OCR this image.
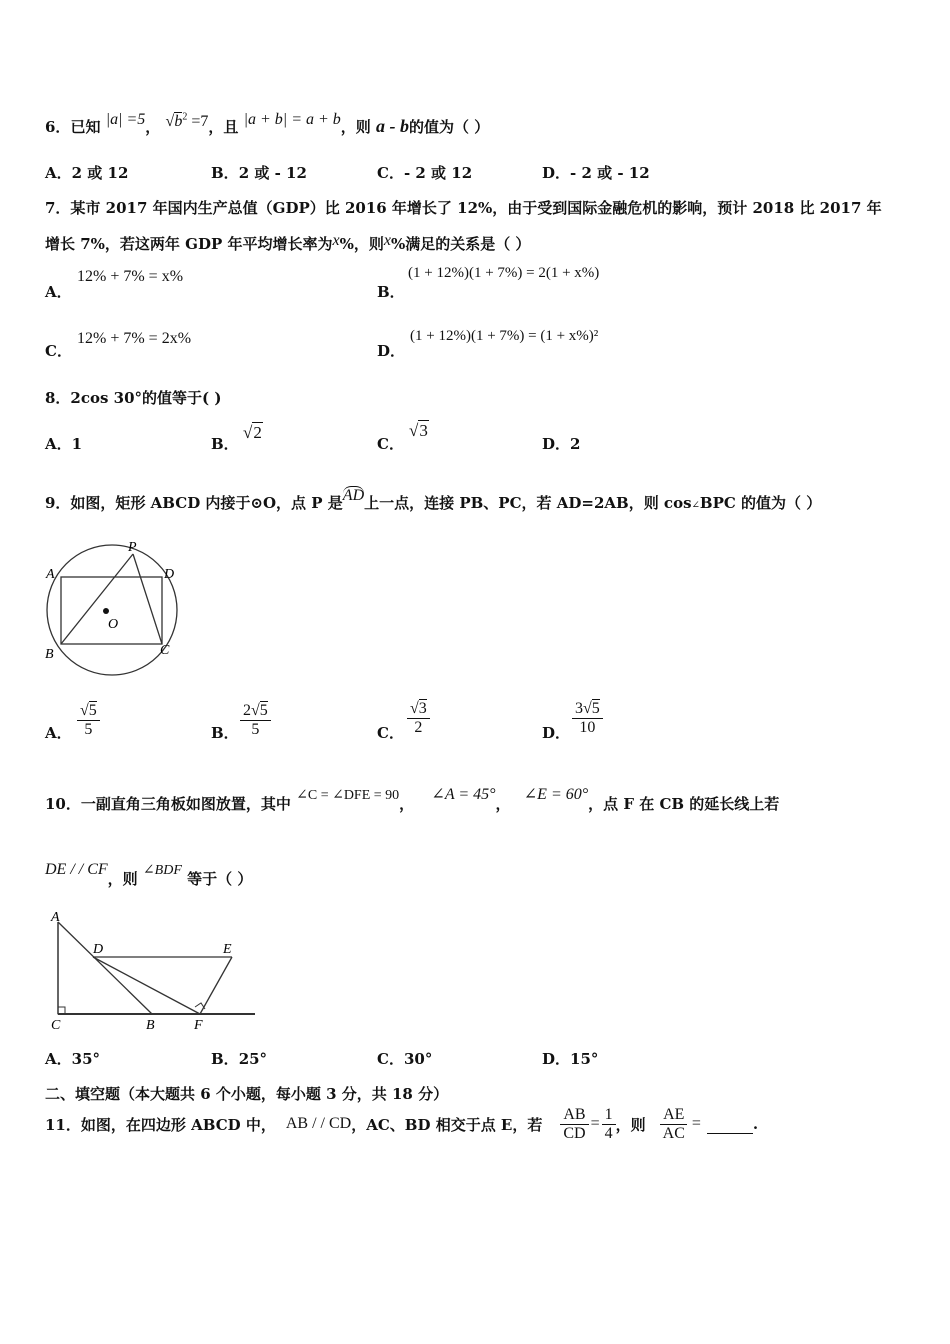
6．已知 |a| =5， $√b^2 =7$，且 |a + b| = a + b，则 a - b的值为（ ）
A．2 或 12	B．2 或 - 12	C．- 2 或 12	D．- 2 或 - 12
7．某市 2017 年国内生产总值（GDP）比 2016 年增长了 12%，由于受到国际金融危机的影响，预计 2018 比 2017 年
增长 7%，若这两年 GDP 年平均增长率为x%，则x%满足的关系是（ ）
A．
12% + 7% = x%
B．
(1 + 12%)(1 + 7%) = 2(1 + x%)
C．
12% + 7% = 2x%
D．
(1 + 12%)(1 + 7%) = (1 + x%)²
8．2cos 30°的值等于( )
A．1	B．
√2
C．
√3
D．2
9．如图，矩形 ABCD 内接于⊙O，点 P 是AD上一点，连接 PB、PC，若 AD=2AB，则 cos∠BPC 的值为（ ）
A	D
P
O
B	C
A． $\frac{√5}{5}$	B． $\frac{2√5}{5}$	C． $\frac{√3}{2}$	D． $\frac{3√5}{10}$
10．一副直角三角板如图放置，其中 ∠C = ∠DFE = 90， ∠A = 45°， ∠E = 60°，点 F 在 CB 的延长线上若
DE / / CF，则 ∠BDF 等于（ ）
A
D	E
C	B	F
A．35°	B．25°	C．30°	D．15°
二、填空题（本大题共 6 个小题，每小题 3 分，共 18 分）
11．如图，在四边形 ABCD 中， AB / / CD ，AC、BD 相交于点 E，若 $\frac{AB}{CD} = \frac{1}{4}$ ，则 $\frac{AE}{AC}$ =	.
